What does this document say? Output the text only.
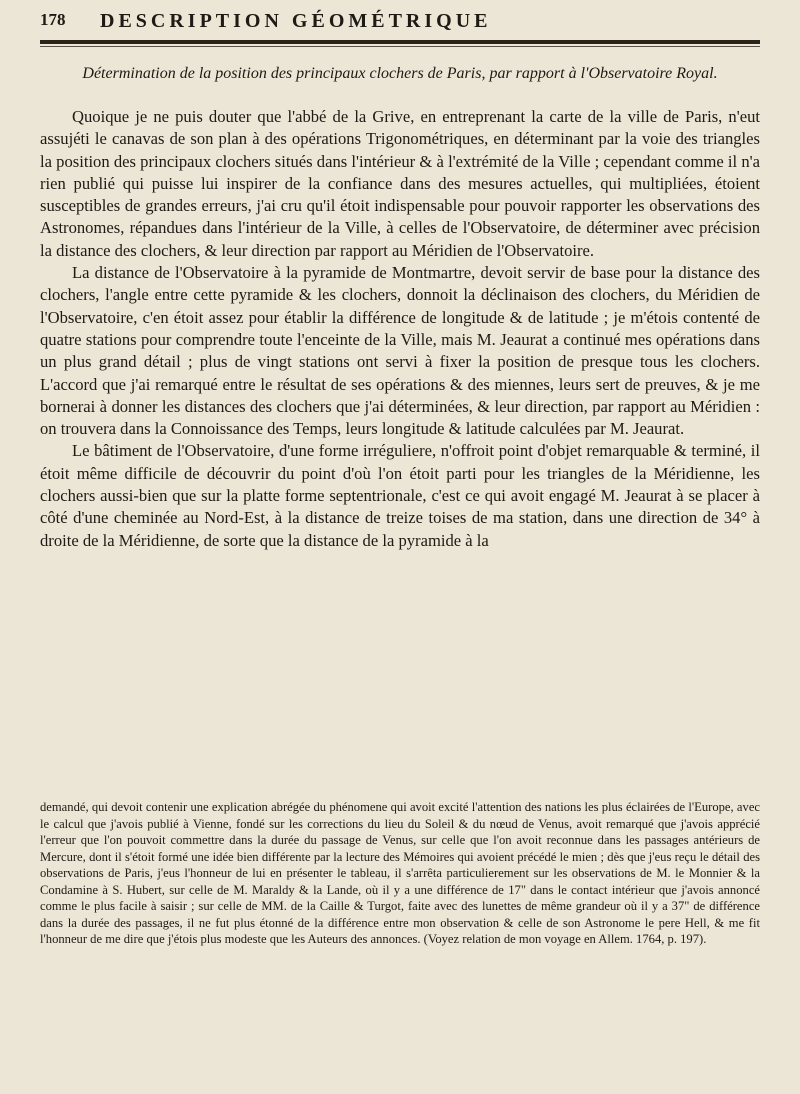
178 DESCRIPTION GÉOMÉTRIQUE
Détermination de la position des principaux clochers de Paris, par rapport à l'Observatoire Royal.

Quoique je ne puis douter que l'abbé de la Grive, en entreprenant la carte de la ville de Paris, n'eut assujéti le canavas de son plan à des opérations Trigonométriques, en déterminant par la voie des triangles la position des principaux clochers situés dans l'intérieur & à l'extrémité de la Ville ; cependant comme il n'a rien publié qui puisse lui inspirer de la confiance dans des mesures actuelles, qui multipliées, étoient susceptibles de grandes erreurs, j'ai cru qu'il étoit indispensable pour pouvoir rapporter les observations des Astronomes, répandues dans l'intérieur de la Ville, à celles de l'Observatoire, de déterminer avec précision la distance des clochers, & leur direction par rapport au Méridien de l'Observatoire.

La distance de l'Observatoire à la pyramide de Montmartre, devoit servir de base pour la distance des clochers, l'angle entre cette pyramide & les clochers, donnoit la déclinaison des clochers, du Méridien de l'Observatoire, c'en étoit assez pour établir la différence de longitude & de latitude ; je m'étois contenté de quatre stations pour comprendre toute l'enceinte de la Ville, mais M. Jeaurat a continué mes opérations dans un plus grand détail ; plus de vingt stations ont servi à fixer la position de presque tous les clochers. L'accord que j'ai remarqué entre le résultat de ses opérations & des miennes, leurs sert de preuves, & je me bornerai à donner les distances des clochers que j'ai déterminées, & leur direction, par rapport au Méridien : on trouvera dans la Connoissance des Temps, leurs longitude & latitude calculées par M. Jeaurat.

Le bâtiment de l'Observatoire, d'une forme irréguliere, n'offroit point d'objet remarquable & terminé, il étoit même difficile de découvrir du point d'où l'on étoit parti pour les triangles de la Méridienne, les clochers aussi-bien que sur la platte forme septentrionale, c'est ce qui avoit engagé M. Jeaurat à se placer à côté d'une cheminée au Nord-Est, à la distance de treize toises de ma station, dans une direction de 34° à droite de la Méridienne, de sorte que la distance de la pyramide à la

demandé, qui devoit contenir une explication abrégée du phénomene qui avoit excité l'attention des nations les plus éclairées de l'Europe, avec le calcul que j'avois publié à Vienne, fondé sur les corrections du lieu du Soleil & du nœud de Venus, avoit remarqué que j'avois apprécié l'erreur que l'on pouvoit commettre dans la durée du passage de Venus, sur celle que l'on avoit reconnue dans les passages antérieurs de Mercure, dont il s'étoit formé une idée bien différente par la lecture des Mémoires qui avoient précédé le mien ; dès que j'eus reçu le détail des observations de Paris, j'eus l'honneur de lui en présenter le tableau, il s'arrêta particulierement sur les observations de M. le Monnier & la Condamine à S. Hubert, sur celle de M. Maraldy & la Lande, où il y a une différence de 17" dans le contact intérieur que j'avois annoncé comme le plus facile à saisir ; sur celle de MM. de la Caille & Turgot, faite avec des lunettes de même grandeur où il y a 37" de différence dans la durée des passages, il ne fut plus étonné de la différence entre mon observation & celle de son Astronome le pere Hell, & me fit l'honneur de me dire que j'étois plus modeste que les Auteurs des annonces. (Voyez relation de mon voyage en Allem. 1764, p. 197).
